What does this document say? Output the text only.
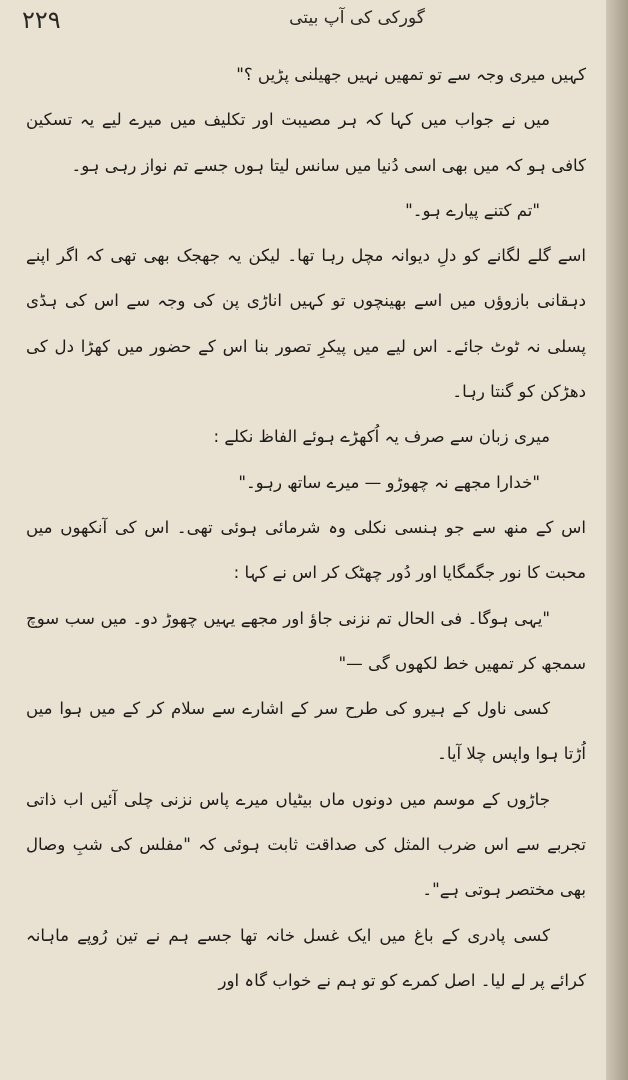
۲۲۹	گورکی کی آپ بیتی

کہیں میری وجہ سے تو تمھیں نہیں جھیلنی پڑیں ؟"

میں نے جواب میں کہا کہ ہر مصیبت اور تکلیف میں میرے لیے یہ تسکین کافی ہو کہ میں بھی اسی دُنیا میں سانس لیتا ہوں جسے تم نواز رہی ہو۔

"تم کتنے پیارے ہو۔"

اسے گلے لگانے کو دلِ دیوانہ مچل رہا تھا۔ لیکن یہ جھجک بھی تھی کہ اگر اپنے دہقانی بازوؤں میں اسے بھینچوں تو کہیں اناڑی پن کی وجہ سے اس کی ہڈی پسلی نہ ٹوٹ جائے۔ اس لیے میں پیکرِ تصور بنا اس کے حضور میں کھڑا دل کی دھڑکن کو گنتا رہا۔

میری زبان سے صرف یہ اُکھڑے ہوئے الفاظ نکلے :

"خدارا مجھے نہ چھوڑو — میرے ساتھ رہو۔"

اس کے منھ سے جو ہنسی نکلی وہ شرمائی ہوئی تھی۔ اس کی آنکھوں میں محبت کا نور جگمگایا اور دُور چھٹک کر اس نے کہا :

"یہی ہوگا۔ فی الحال تم نزنی جاؤ اور مجھے یہیں چھوڑ دو۔ میں سب سوچ سمجھ کر تمھیں خط لکھوں گی —"

کسی ناول کے ہیرو کی طرح سر کے اشارے سے سلام کر کے میں ہوا میں اُڑتا ہوا واپس چلا آیا۔

جاڑوں کے موسم میں دونوں ماں بیٹیاں میرے پاس نزنی چلی آئیں اب ذاتی تجربے سے اس ضرب المثل کی صداقت ثابت ہوئی کہ "مفلس کی شبِ وصال بھی مختصر ہوتی ہے"۔

کسی پادری کے باغ میں ایک غسل خانہ تھا جسے ہم نے تین رُوپے ماہانہ کرائے پر لے لیا۔ اصل کمرے کو تو ہم نے خواب گاہ اور
